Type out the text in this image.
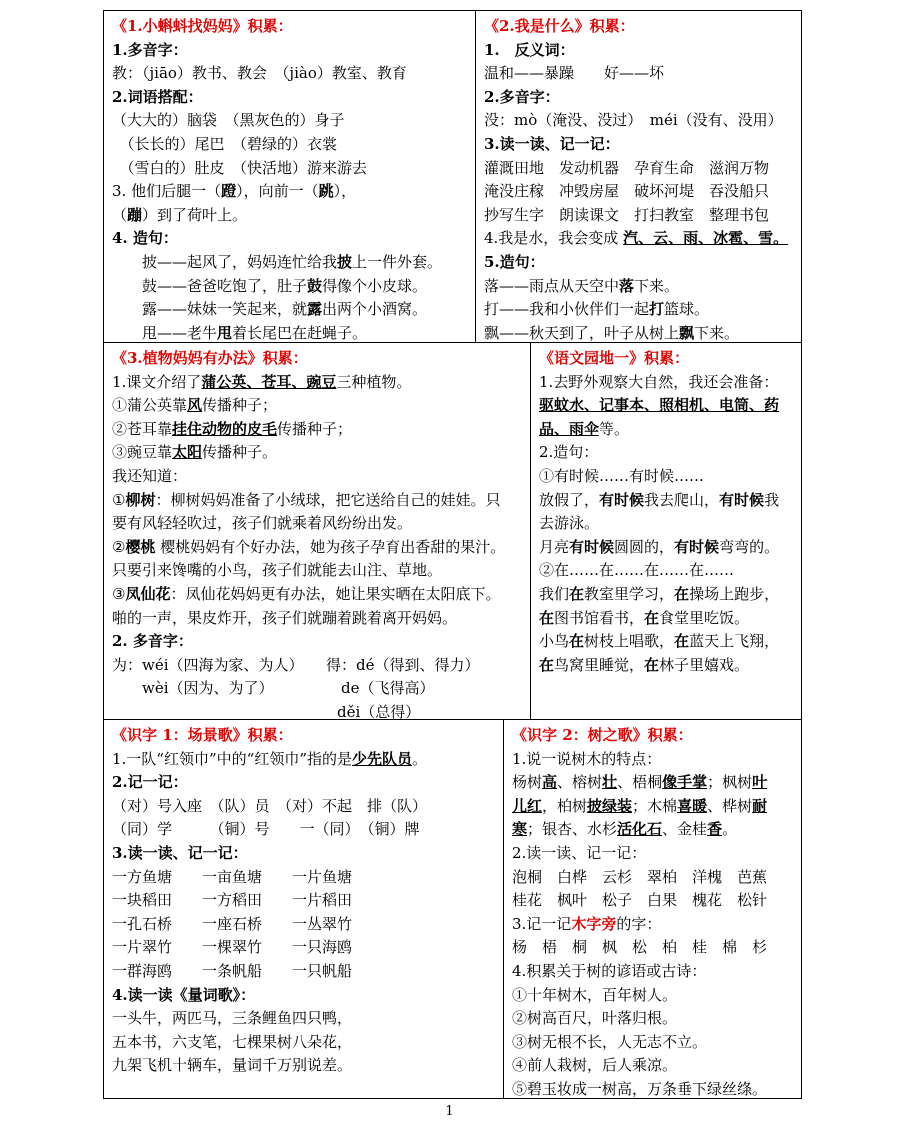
《1.小蝌蚪找妈妈》积累：

1.多音字：

教：（jiāo）教书、教会　（jiào）教室、教育

2.词语搭配：

（大大的）脑袋　（黑灰色的）身子

　（长长的）尾巴　（碧绿的）衣裳

　（雪白的）肚皮　（快活地）游来游去

3. 他们后腿一（蹬），向前一（跳），

（蹦）到了荷叶上。

4. 造句：

　　披——起风了，妈妈连忙给我披上一件外套。

　　鼓——爸爸吃饱了，肚子鼓得像个小皮球。

　　露——妹妹一笑起来，就露出两个小酒窝。

　　甩——老牛甩着长尾巴在赶蝇子。

《2.我是什么》积累：

1.　反义词：

温和——暴躁　　好——坏

2.多音字：

没：mò（淹没、没过）　méi（没有、没用）

3.读一读、记一记：

灌溉田地　发动机器　孕育生命　滋润万物

淹没庄稼　冲毁房屋　破坏河堤　吞没船只

抄写生字　朗读课文　打扫教室　整理书包

4.我是水，我会变成 汽、云、雨、冰雹、雪。

5.造句：

落——雨点从天空中落下来。

打——我和小伙伴们一起打篮球。

飘——秋天到了，叶子从树上飘下来。

《3.植物妈妈有办法》积累：

1.课文介绍了蒲公英、苍耳、豌豆三种植物。

①蒲公英靠风传播种子；

②苍耳靠挂住动物的皮毛传播种子；

③豌豆靠太阳传播种子。

我还知道：

①柳树：柳树妈妈准备了小绒球，把它送给自己的娃娃。只

要有风轻轻吹过，孩子们就乘着风纷纷出发。

②樱桃 樱桃妈妈有个好办法，她为孩子孕育出香甜的果汁。

只要引来馋嘴的小鸟，孩子们就能去山注、草地。

③凤仙花：凤仙花妈妈更有办法，她让果实晒在太阳底下。

啪的一声，果皮炸开，孩子们就蹦着跳着离开妈妈。

2. 多音字：

为：wéi（四海为家、为人）　　得：dé（得到、得力）

　　wèi（因为、为了）　　　　　de（飞得高）

　　　　　　　　　　　　　　　děi（总得）

《语文园地一》积累：

1.去野外观察大自然，我还会准备：

驱蚊水、记事本、照相机、电筒、药

品、雨伞等。

2.造句：

①有时候……有时候……

放假了，有时候我去爬山，有时候我

去游泳。

月亮有时候圆圆的，有时候弯弯的。

②在……在……在……在……

我们在教室里学习，在操场上跑步，

在图书馆看书，在食堂里吃饭。

小鸟在树枝上唱歌，在蓝天上飞翔，

在鸟窝里睡觉，在林子里嬉戏。

《识字 1：场景歌》积累：

1.一队“红领巾”中的“红领巾”指的是少先队员。

2.记一记：

（对）号入座　（队）员　（对）不起　排（队）

（同）学　　　（铜）号　　一（同）　（铜）牌

3.读一读、记一记：

一方鱼塘　　一亩鱼塘　　一片鱼塘

一块稻田　　一方稻田　　一片稻田

一孔石桥　　一座石桥　　一丛翠竹

一片翠竹　　一棵翠竹　　一只海鸥

一群海鸥　　一条帆船　　一只帆船

4.读一读《量词歌》：

一头牛，两匹马，三条鲤鱼四只鸭，

五本书，六支笔，七棵果树八朵花，

九架飞机十辆车，量词千万别说差。

《识字 2：树之歌》积累：

1.说一说树木的特点：

杨树高、榕树壮、梧桐像手掌；枫树叶

儿红，柏树披绿装；木棉喜暖、桦树耐

寒；银杏、水杉活化石、金桂香。

2.读一读、记一记：

泡桐　白桦　云杉　翠柏　洋槐　芭蕉

桂花　枫叶　松子　白果　槐花　松针

3.记一记木字旁的字：

杨　梧　桐　枫　松　柏　桂　棉　杉

4.积累关于树的谚语或古诗：

①十年树木，百年树人。

②树高百尺，叶落归根。

③树无根不长，人无志不立。

④前人栽树，后人乘凉。

⑤碧玉妆成一树高，万条垂下绿丝绦。

1
